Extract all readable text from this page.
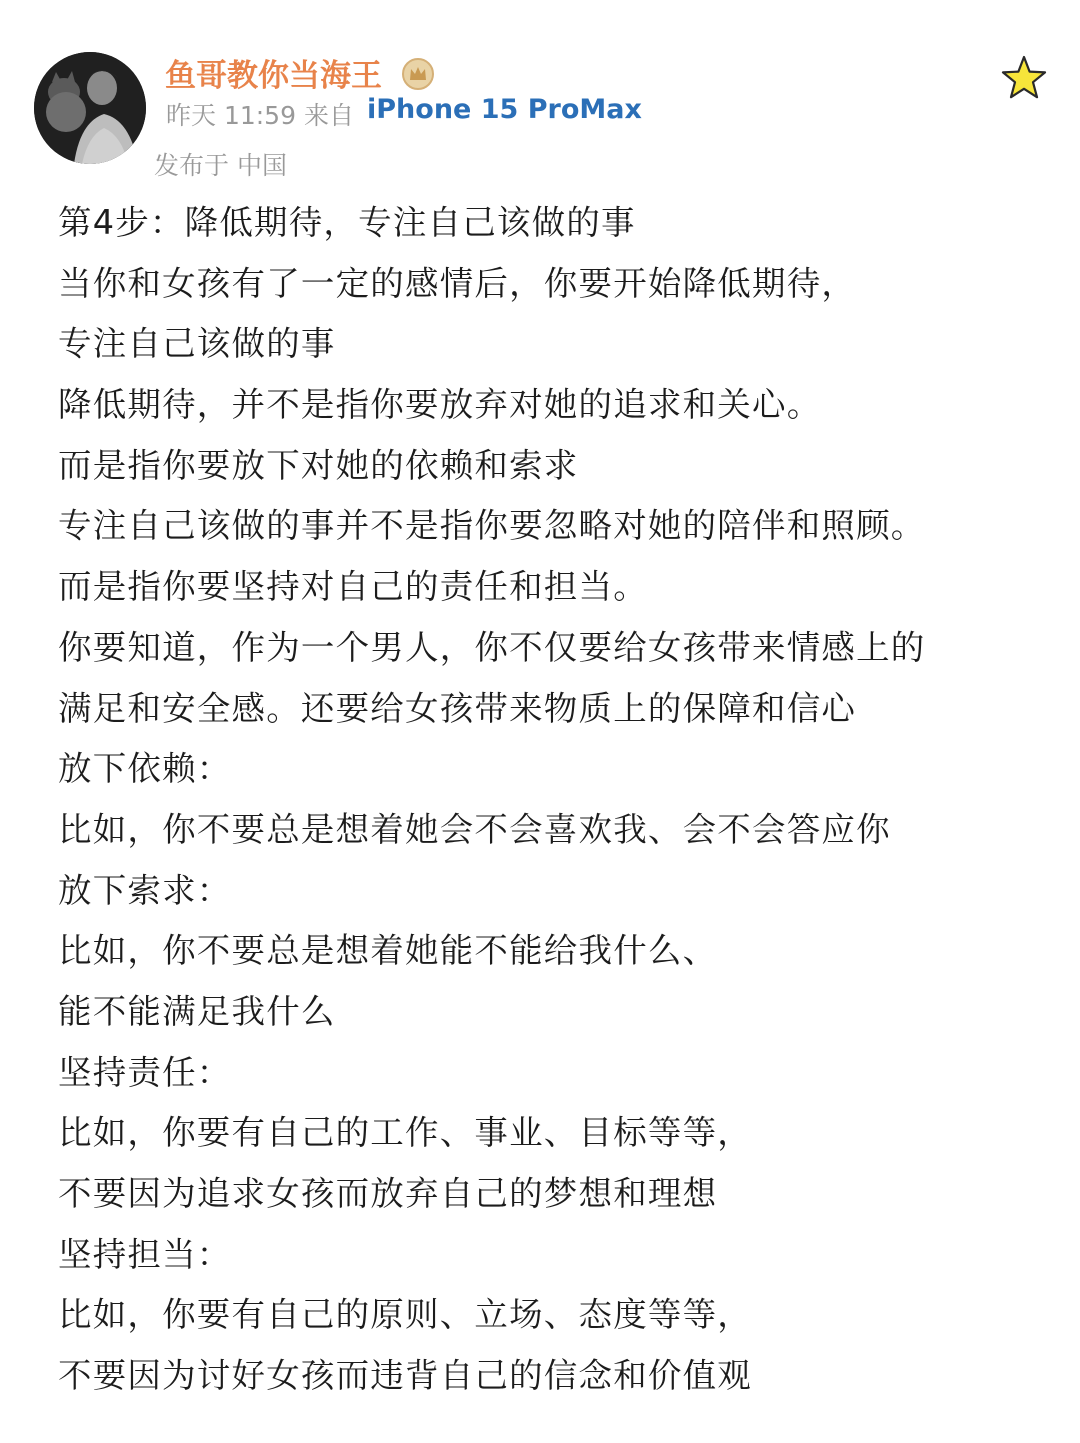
鱼哥教你当海王
昨天 11:59 来自 iPhone 15 ProMax
发布于 中国
第4步：降低期待，专注自己该做的事
当你和女孩有了一定的感情后，你要开始降低期待，
专注自己该做的事
降低期待，并不是指你要放弃对她的追求和关心。
而是指你要放下对她的依赖和索求
专注自己该做的事并不是指你要忽略对她的陪伴和照顾。
而是指你要坚持对自己的责任和担当。
你要知道，作为一个男人，你不仅要给女孩带来情感上的
满足和安全感。还要给女孩带来物质上的保障和信心
放下依赖：
比如，你不要总是想着她会不会喜欢我、会不会答应你
放下索求：
比如，你不要总是想着她能不能给我什么、
能不能满足我什么
坚持责任：
比如，你要有自己的工作、事业、目标等等，
不要因为追求女孩而放弃自己的梦想和理想
坚持担当：
比如，你要有自己的原则、立场、态度等等，
不要因为讨好女孩而违背自己的信念和价值观
